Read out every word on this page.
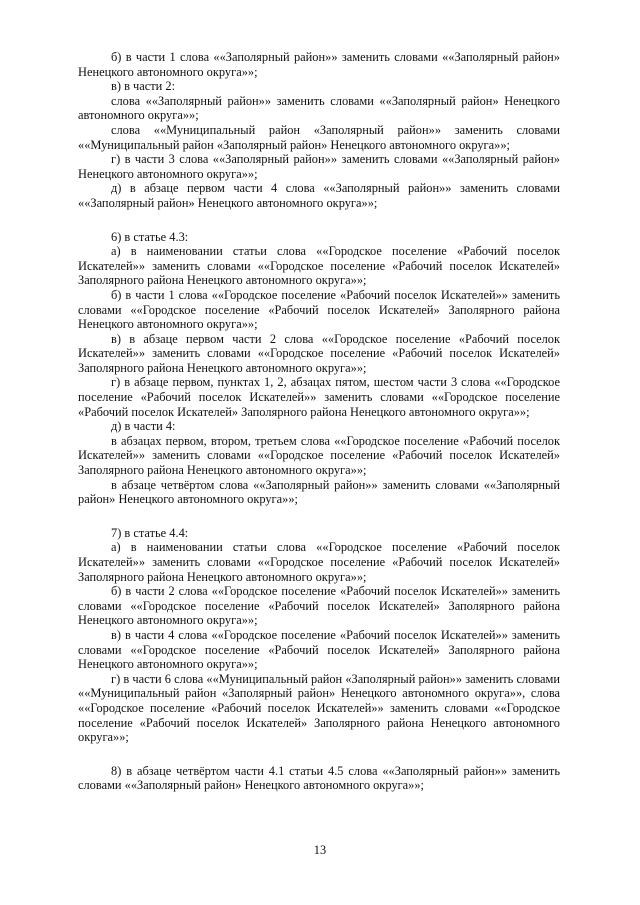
б) в части 1 слова ««Заполярный район»» заменить словами ««Заполярный район» Ненецкого автономного округа»»;

в) в части 2:

слова ««Заполярный район»» заменить словами ««Заполярный район» Ненецкого автономного округа»»;

слова ««Муниципальный район «Заполярный район»» заменить словами ««Муниципальный район «Заполярный район» Ненецкого автономного округа»»;

г) в части 3 слова ««Заполярный район»» заменить словами ««Заполярный район» Ненецкого автономного округа»»;

д) в абзаце первом части 4 слова ««Заполярный район»» заменить словами ««Заполярный район» Ненецкого автономного округа»»;

6) в статье 4.3:

а) в наименовании статьи слова ««Городское поселение «Рабочий поселок Искателей»» заменить словами ««Городское поселение «Рабочий поселок Искателей» Заполярного района Ненецкого автономного округа»»;

б) в части 1 слова ««Городское поселение «Рабочий поселок Искателей»» заменить словами ««Городское поселение «Рабочий поселок Искателей» Заполярного района Ненецкого автономного округа»»;

в) в абзаце первом части 2 слова ««Городское поселение «Рабочий поселок Искателей»» заменить словами ««Городское поселение «Рабочий поселок Искателей» Заполярного района Ненецкого автономного округа»»;

г) в абзаце первом, пунктах 1, 2, абзацах пятом, шестом части 3 слова ««Городское поселение «Рабочий поселок Искателей»» заменить словами ««Городское поселение «Рабочий поселок Искателей» Заполярного района Ненецкого автономного округа»»;

д) в части 4:

в абзацах первом, втором, третьем слова ««Городское поселение «Рабочий поселок Искателей»» заменить словами ««Городское поселение «Рабочий поселок Искателей» Заполярного района Ненецкого автономного округа»»;

в абзаце четвёртом слова ««Заполярный район»» заменить словами ««Заполярный район» Ненецкого автономного округа»»;

7) в статье 4.4:

а) в наименовании статьи слова ««Городское поселение «Рабочий поселок Искателей»» заменить словами ««Городское поселение «Рабочий поселок Искателей» Заполярного района Ненецкого автономного округа»»;

б) в части 2 слова ««Городское поселение «Рабочий поселок Искателей»» заменить словами ««Городское поселение «Рабочий поселок Искателей» Заполярного района Ненецкого автономного округа»»;

в) в части 4 слова ««Городское поселение «Рабочий поселок Искателей»» заменить словами ««Городское поселение «Рабочий поселок Искателей» Заполярного района Ненецкого автономного округа»»;

г) в части 6 слова ««Муниципальный район «Заполярный район»» заменить словами ««Муниципальный район «Заполярный район» Ненецкого автономного округа»», слова ««Городское поселение «Рабочий поселок Искателей»» заменить словами ««Городское поселение «Рабочий поселок Искателей» Заполярного района Ненецкого автономного округа»»;

8) в абзаце четвёртом части 4.1 статьи 4.5 слова ««Заполярный район»» заменить словами ««Заполярный район» Ненецкого автономного округа»»;

13
